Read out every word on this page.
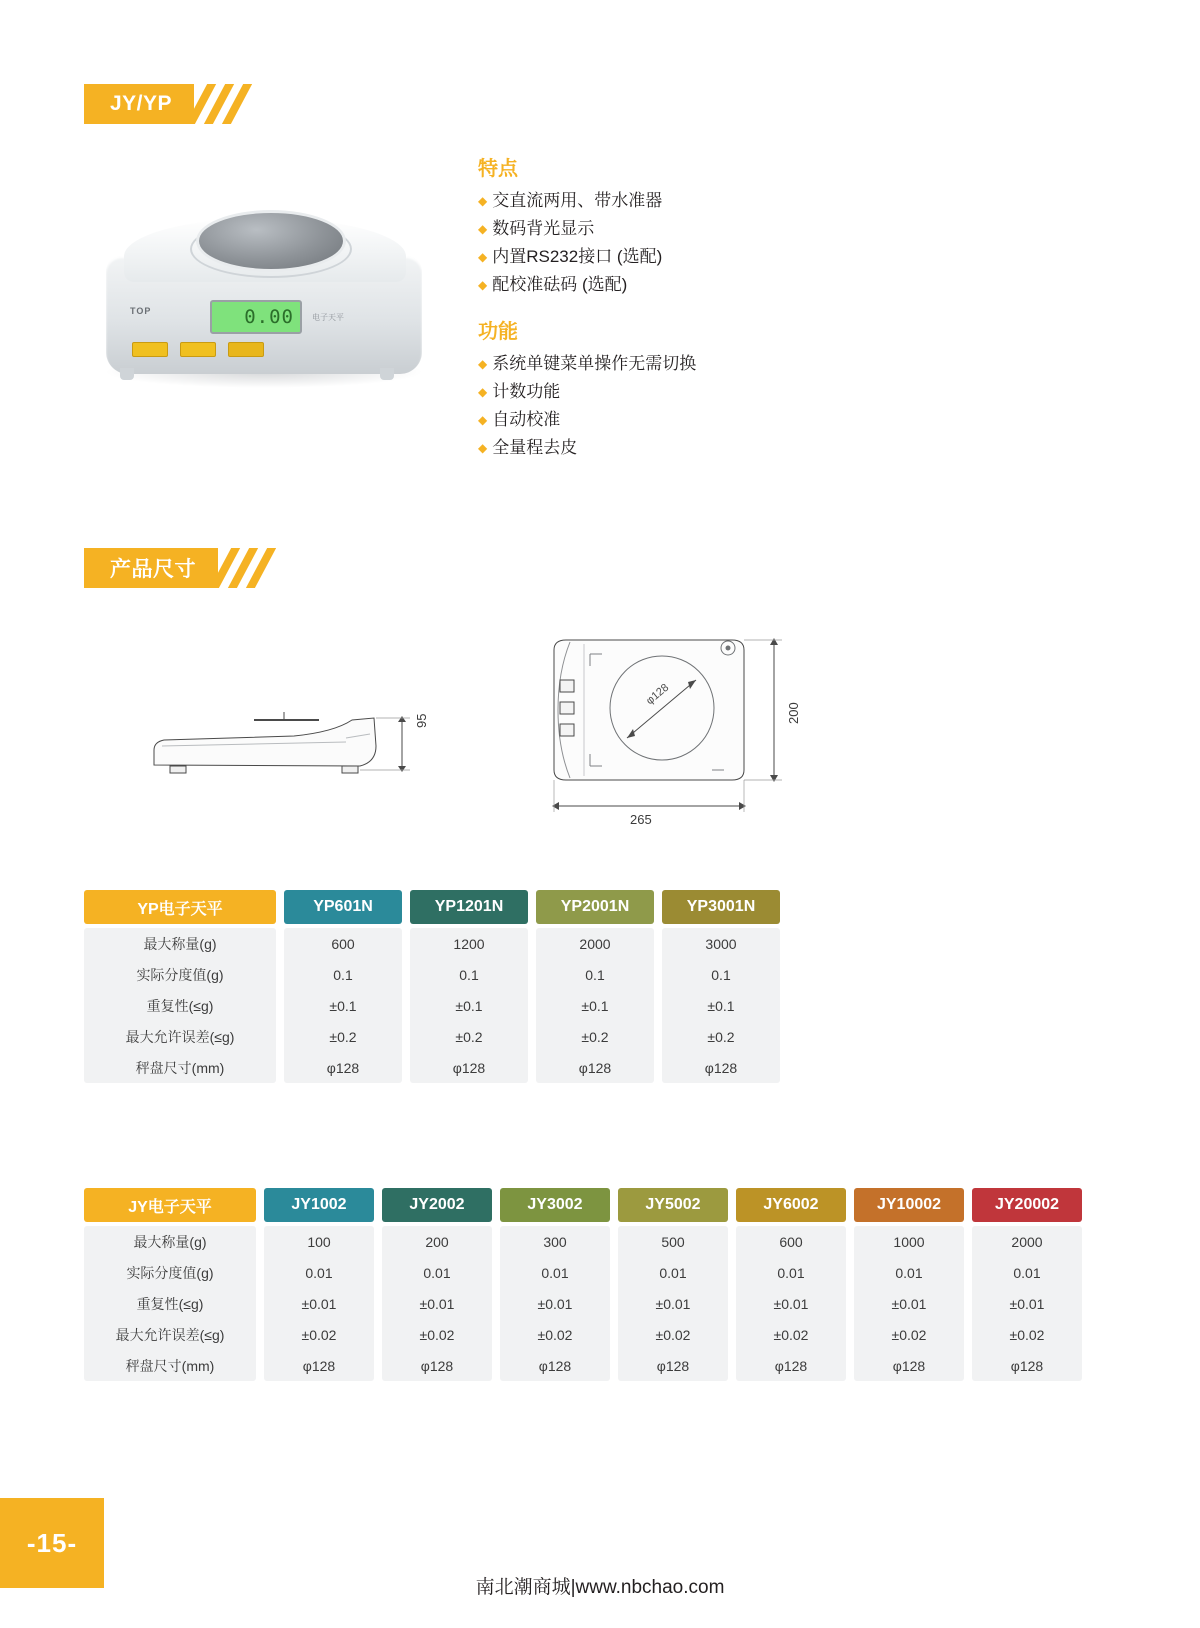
JY/YP
TOP
电子天平
0.00
特点
◆ 交直流两用、带水准器
◆ 数码背光显示
◆ 内置RS232接口 (选配)
◆ 配校准砝码 (选配)
功能
◆ 系统单键菜单操作无需切换
◆ 计数功能
◆ 自动校准
◆ 全量程去皮
产品尺寸
95	200
265
φ128
YP电子天平
最大称量(g)
实际分度值(g)
重复性(≤g)
最大允许误差(≤g)
秤盘尺寸(mm)
YP601N
600
0.1
±0.1
±0.2
φ128
YP1201N
1200
0.1
±0.1
±0.2
φ128
YP2001N
2000
0.1
±0.1
±0.2
φ128
YP3001N
3000
0.1
±0.1
±0.2
φ128
JY电子天平
最大称量(g)
实际分度值(g)
重复性(≤g)
最大允许误差(≤g)
秤盘尺寸(mm)
JY1002
100
0.01
±0.01
±0.02
φ128
JY2002
200
0.01
±0.01
±0.02
φ128
JY3002
300
0.01
±0.01
±0.02
φ128
JY5002
500
0.01
±0.01
±0.02
φ128
JY6002
600
0.01
±0.01
±0.02
φ128
JY10002
1000
0.01
±0.01
±0.02
φ128
JY20002
2000
0.01
±0.01
±0.02
φ128
-15-
南北潮商城|www.nbchao.com
